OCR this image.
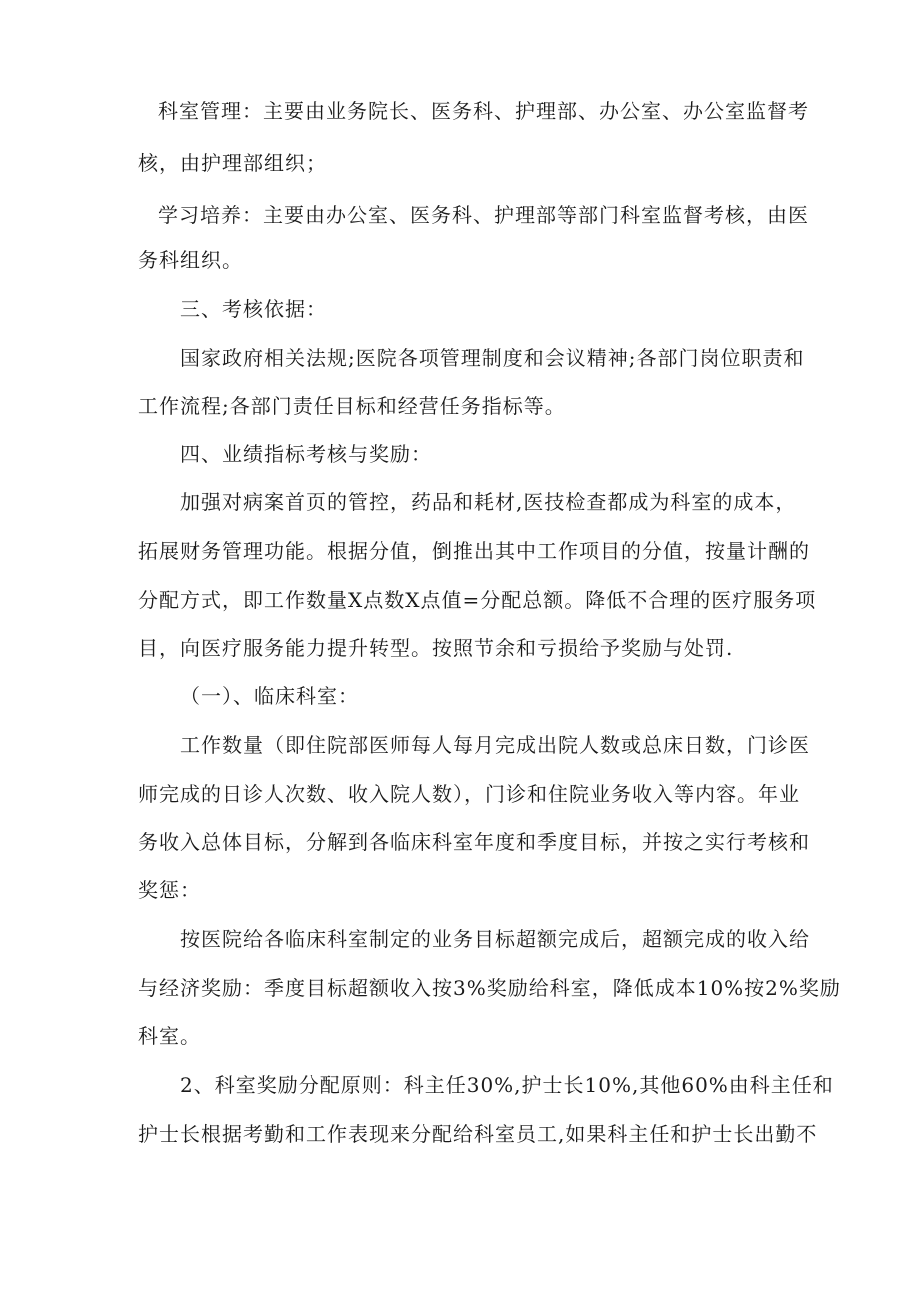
科室管理：主要由业务院长、医务科、护理部、办公室、办公室监督考
核，由护理部组织；
学习培养：主要由办公室、医务科、护理部等部门科室监督考核，由医
务科组织。
三、考核依据：
国家政府相关法规;医院各项管理制度和会议精神;各部门岗位职责和
工作流程;各部门责任目标和经营任务指标等。
四、业绩指标考核与奖励：
加强对病案首页的管控，药品和耗材,医技检查都成为科室的成本，
拓展财务管理功能。根据分值，倒推出其中工作项目的分值，按量计酬的
分配方式，即工作数量X点数X点值=分配总额。降低不合理的医疗服务项
目，向医疗服务能力提升转型。按照节余和亏损给予奖励与处罚.
（一）、临床科室：
工作数量（即住院部医师每人每月完成出院人数或总床日数，门诊医
师完成的日诊人次数、收入院人数），门诊和住院业务收入等内容。年业
务收入总体目标，分解到各临床科室年度和季度目标，并按之实行考核和
奖惩：
按医院给各临床科室制定的业务目标超额完成后，超额完成的收入给
与经济奖励：季度目标超额收入按3%奖励给科室，降低成本10%按2%奖励
科室。
2、科室奖励分配原则：科主任30%,护士长10%,其他60%由科主任和
护士长根据考勤和工作表现来分配给科室员工,如果科主任和护士长出勤不
